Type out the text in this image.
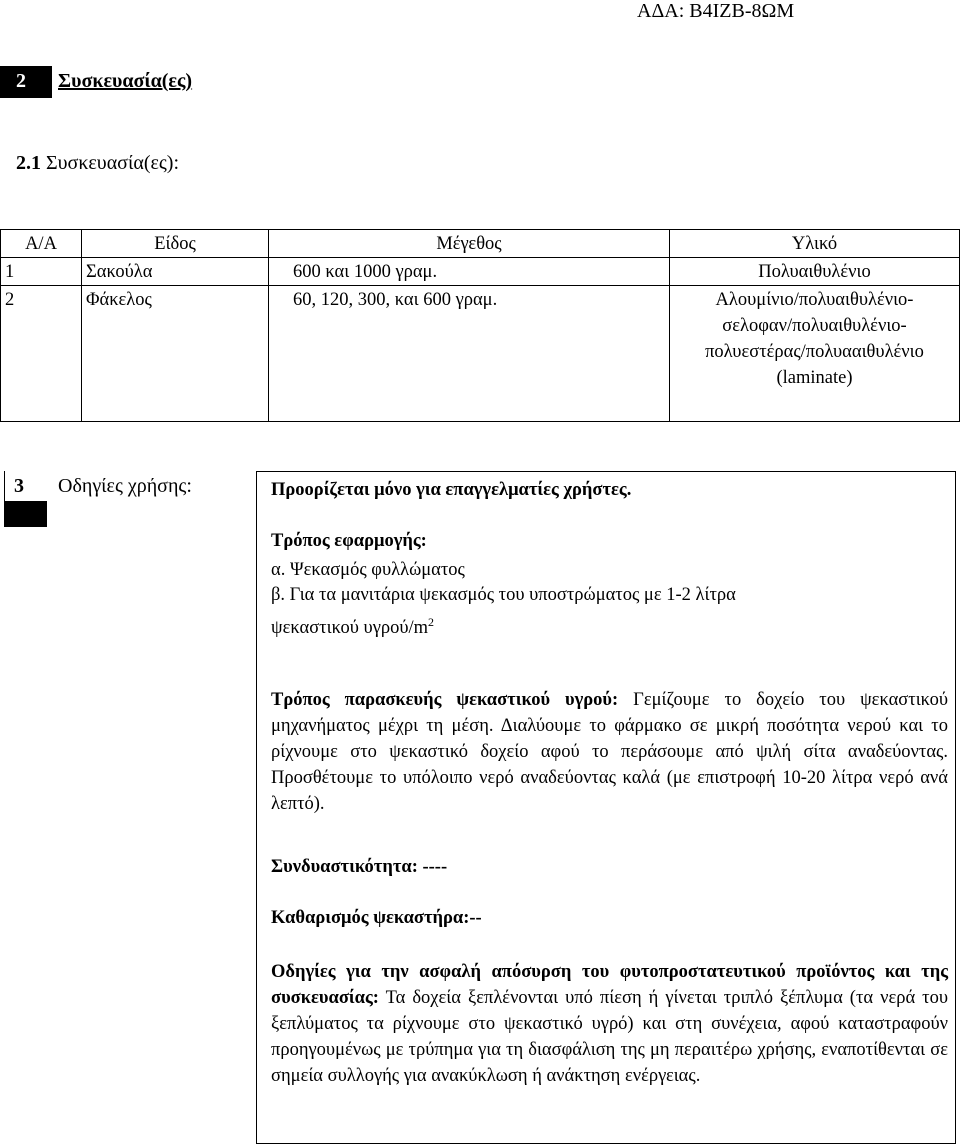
ΑΔΑ: Β4ΙΖΒ-8ΩΜ
2 Συσκευασία(ες)
2.1 Συσκευασία(ες):
Α/Α	Είδος	Μέγεθος	Υλικό
1	Σακούλα	600 και 1000 γραμ.	Πολυαιθυλένιο
2	Φάκελος	60, 120, 300, και 600 γραμ.	Αλουμίνιο/πολυαιθυλένιο-
σελοφαν/πολυαιθυλένιο-
πολυεστέρας/πολυααιθυλένιο
(laminate)
3 Οδηγίες χρήσης:	Προορίζεται μόνο για επαγγελματίες χρήστες.
Τρόπος εφαρμογής:
α. Ψεκασμός φυλλώματος
β. Για τα μανιτάρια ψεκασμός του υποστρώματος με 1-2 λίτρα
ψεκαστικού υγρού/$m^2$
Τρόπος παρασκευής ψεκαστικού υγρού: Γεμίζουμε το δοχείο του ψεκαστικού μηχανήματος μέχρι τη μέση. Διαλύουμε το φάρμακο σε μικρή ποσότητα νερού και το ρίχνουμε στο ψεκαστικό δοχείο αφού το περάσουμε από ψιλή σίτα αναδεύοντας. Προσθέτουμε το υπόλοιπο νερό αναδεύοντας καλά (με επιστροφή 10-20 λίτρα νερό ανά λεπτό).
Συνδυαστικότητα: ----
Καθαρισμός ψεκαστήρα:--
Οδηγίες για την ασφαλή απόσυρση του φυτοπροστατευτικού προϊόντος και της συσκευασίας: Τα δοχεία ξεπλένονται υπό πίεση ή γίνεται τριπλό ξέπλυμα (τα νερά του ξεπλύματος τα ρίχνουμε στο ψεκαστικό υγρό) και στη συνέχεια, αφού καταστραφούν προηγουμένως με τρύπημα για τη διασφάλιση της μη περαιτέρω χρήσης, εναποτίθενται σε σημεία συλλογής για ανακύκλωση ή ανάκτηση ενέργειας.
